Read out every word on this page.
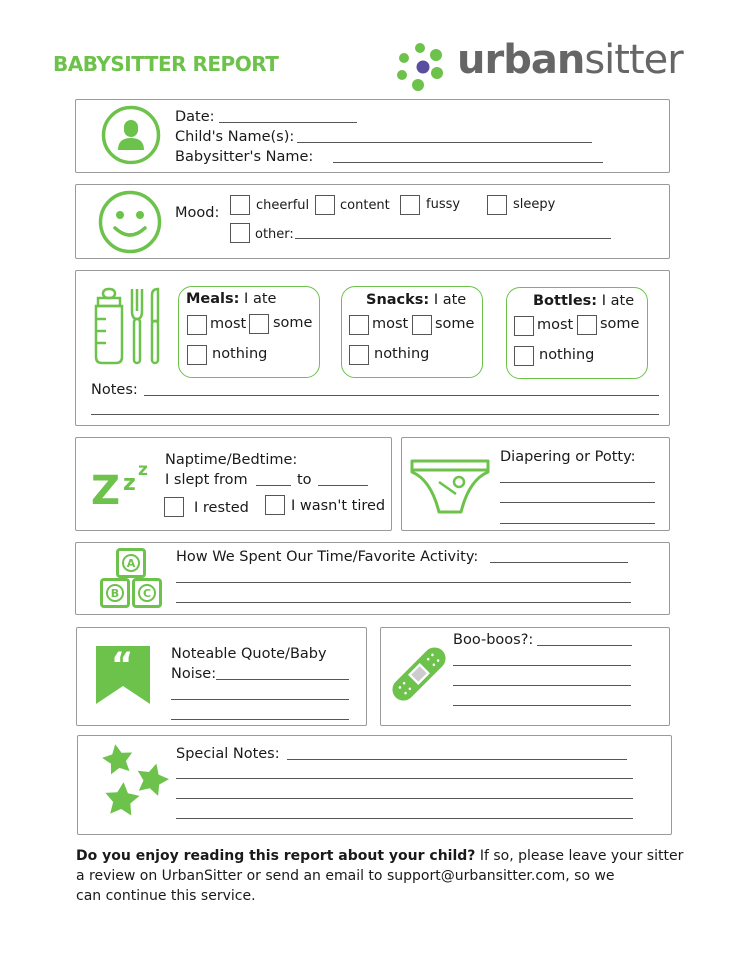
BABYSITTER REPORT	urbansitter
Date:
Child's Name(s):
Babysitter's Name:
Mood:	cheerful content	fussy	sleepy
other:
Meals: I ate
most some
nothing
Snacks: I ate
most some
nothing
Bottles: I ate
most some
nothing
Notes:
Z z
z Naptime/Bedtime:
I slept from	to
I rested	I wasn't tired
Diapering or Potty:
A
B C
How We Spent Our Time/Favorite Activity:
“	Noteable Quote/Baby
Noise:
Boo-boos?:
Special Notes:
Do you enjoy reading this report about your child? If so, please leave your sitter
a review on UrbanSitter or send an email to support@urbansitter.com, so we
can continue this service.
